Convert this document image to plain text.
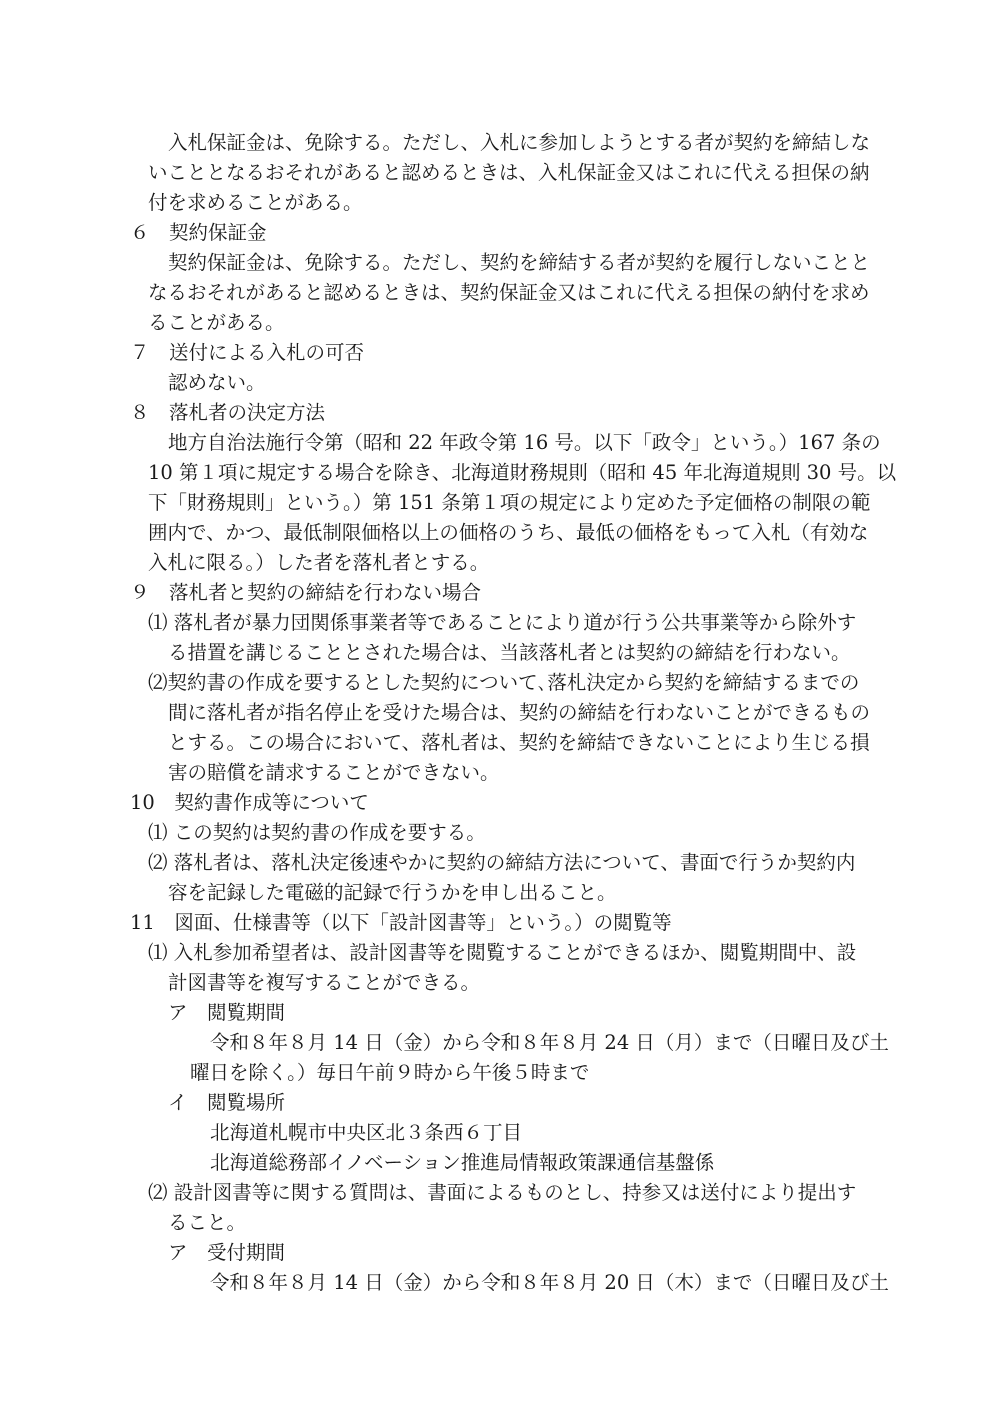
入札保証金は、免除する。ただし、入札に参加しようとする者が契約を締結しな
いこととなるおそれがあると認めるときは、入札保証金又はこれに代える担保の納
付を求めることがある。
６　契約保証金
契約保証金は、免除する。ただし、契約を締結する者が契約を履行しないことと
なるおそれがあると認めるときは、契約保証金又はこれに代える担保の納付を求め
ることがある。
７　送付による入札の可否
認めない。
８　落札者の決定方法
地方自治法施行令第（昭和 22 年政令第 16 号。以下「政令」という。）167 条の
10 第１項に規定する場合を除き、北海道財務規則（昭和 45 年北海道規則 30 号。以
下「財務規則」という。）第 151 条第１項の規定により定めた予定価格の制限の範
囲内で、かつ、最低制限価格以上の価格のうち、最低の価格をもって入札（有効な
入札に限る。）した者を落札者とする。
９　落札者と契約の締結を行わない場合
⑴ 落札者が暴力団関係事業者等であることにより道が行う公共事業等から除外す
る措置を講じることとされた場合は、当該落札者とは契約の締結を行わない。
⑵契約書の作成を要するとした契約について､落札決定から契約を締結するまでの
間に落札者が指名停止を受けた場合は、契約の締結を行わないことができるもの
とする。この場合において、落札者は、契約を締結できないことにより生じる損
害の賠償を請求することができない。
10　契約書作成等について
⑴ この契約は契約書の作成を要する。
⑵ 落札者は、落札決定後速やかに契約の締結方法について、書面で行うか契約内
容を記録した電磁的記録で行うかを申し出ること。
11　図面、仕様書等（以下「設計図書等」という。）の閲覧等
⑴ 入札参加希望者は、設計図書等を閲覧することができるほか、閲覧期間中、設
計図書等を複写することができる。
ア　閲覧期間
令和８年８月 14 日（金）から令和８年８月 24 日（月）まで（日曜日及び土
曜日を除く。）毎日午前９時から午後５時まで
イ　閲覧場所
北海道札幌市中央区北３条西６丁目
北海道総務部イノベーション推進局情報政策課通信基盤係
⑵ 設計図書等に関する質問は、書面によるものとし、持参又は送付により提出す
ること。
ア　受付期間
令和８年８月 14 日（金）から令和８年８月 20 日（木）まで（日曜日及び土
